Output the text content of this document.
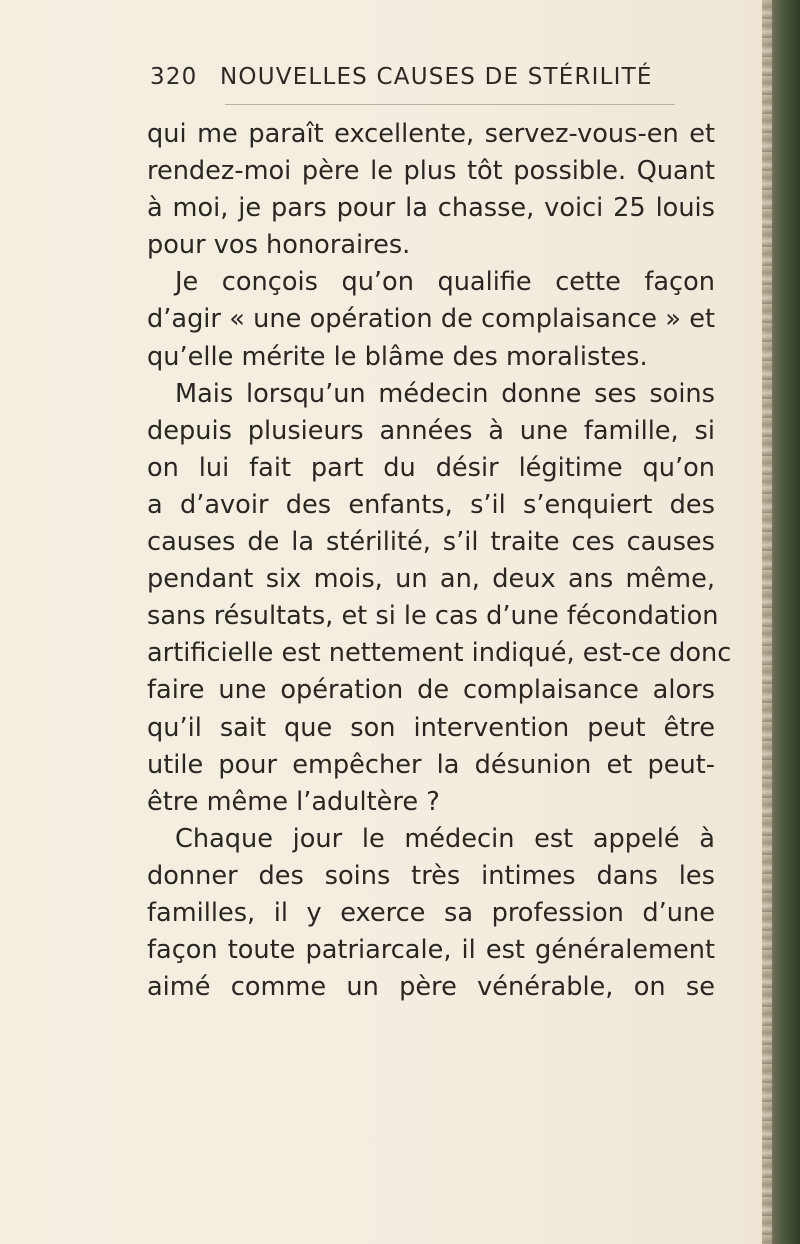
320 NOUVELLES CAUSES DE STÉRILITÉ
qui me paraît excellente, servez-vous-en et
rendez-moi père le plus tôt possible. Quant
à moi, je pars pour la chasse, voici 25 louis
pour vos honoraires.
Je conçois qu’on qualifie cette façon
d’agir « une opération de complaisance » et
qu’elle mérite le blâme des moralistes.
Mais lorsqu’un médecin donne ses soins
depuis plusieurs années à une famille, si
on lui fait part du désir légitime qu’on
a d’avoir des enfants, s’il s’enquiert des
causes de la stérilité, s’il traite ces causes
pendant six mois, un an, deux ans même,
sans résultats, et si le cas d’une fécondation
artificielle est nettement indiqué, est-ce donc
faire une opération de complaisance alors
qu’il sait que son intervention peut être
utile pour empêcher la désunion et peut-
être même l’adultère ?
Chaque jour le médecin est appelé à
donner des soins très intimes dans les
familles, il y exerce sa profession d’une
façon toute patriarcale, il est généralement
aimé comme un père vénérable, on se
